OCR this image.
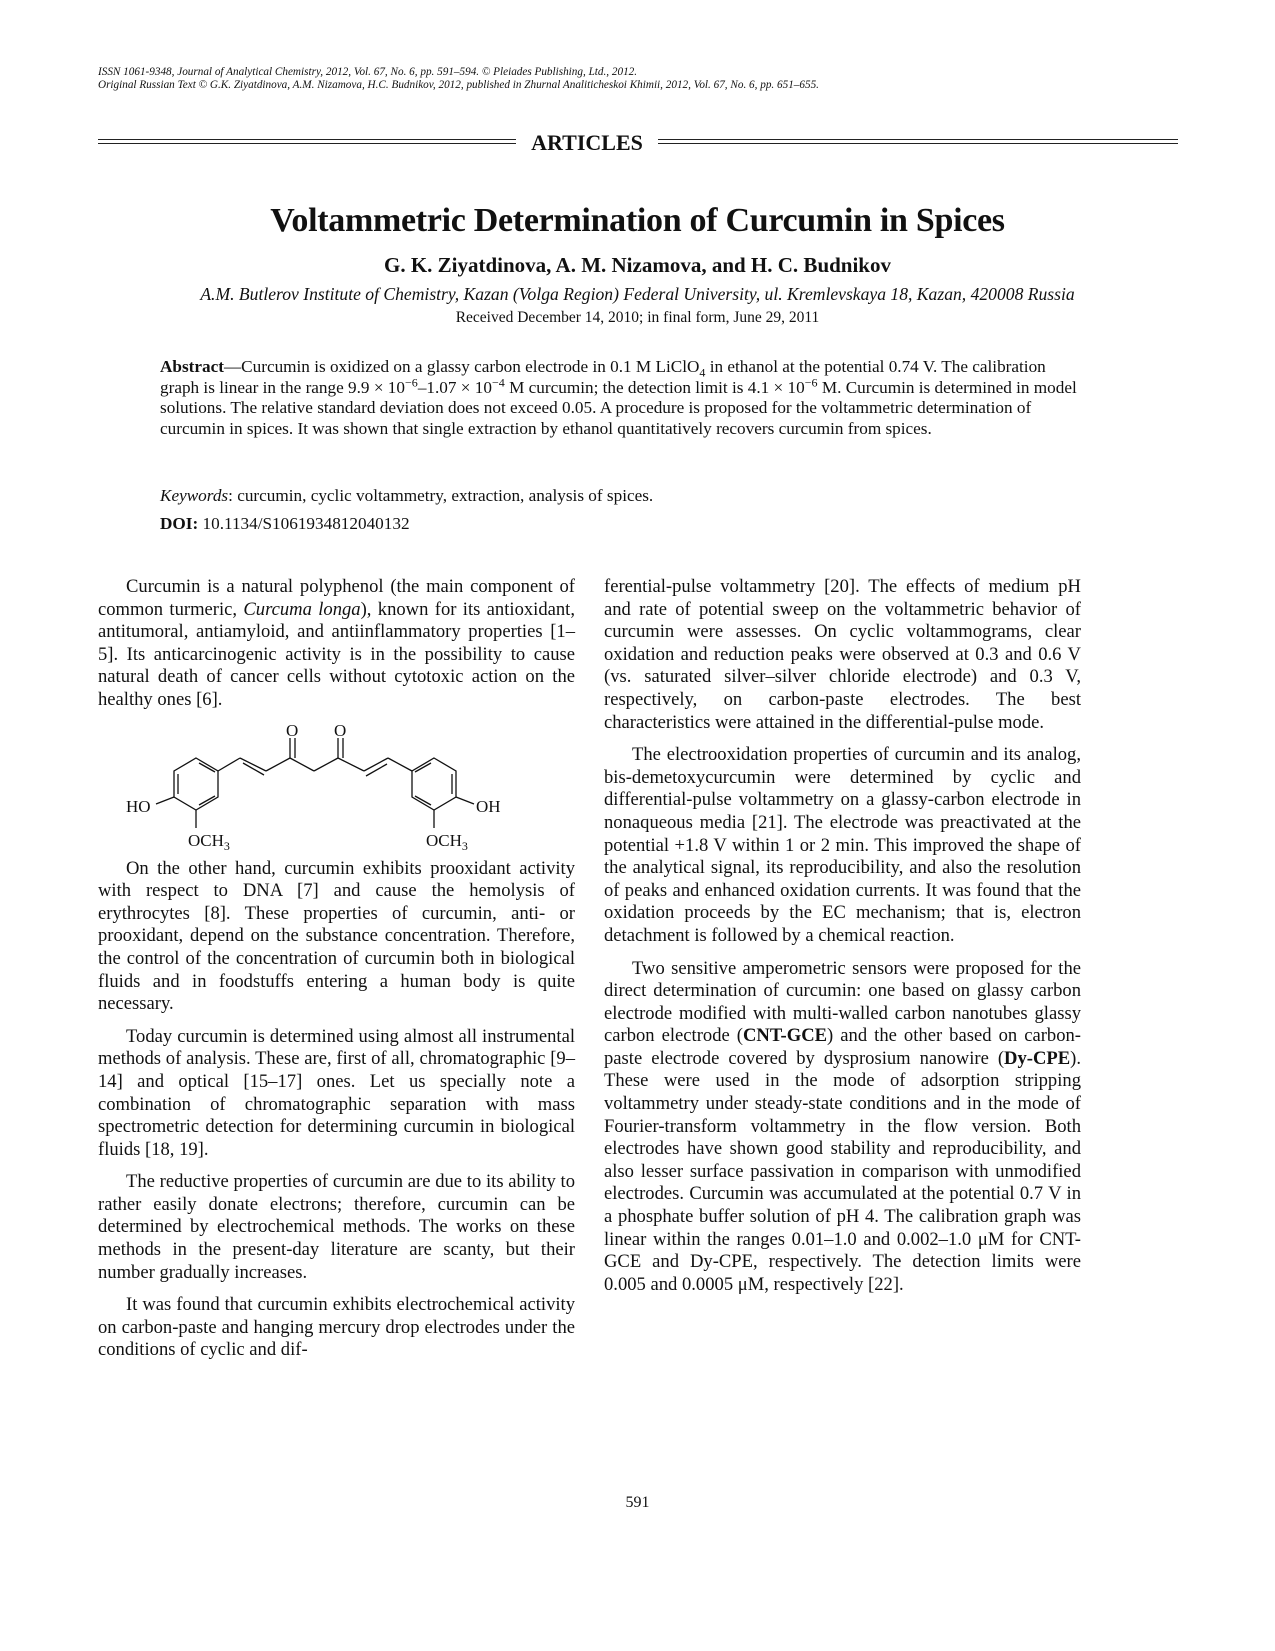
ISSN 1061-9348, Journal of Analytical Chemistry, 2012, Vol. 67, No. 6, pp. 591–594. © Pleiades Publishing, Ltd., 2012.
Original Russian Text © G.K. Ziyatdinova, A.M. Nizamova, H.C. Budnikov, 2012, published in Zhurnal Analiticheskoi Khimii, 2012, Vol. 67, No. 6, pp. 651–655.
ARTICLES
Voltammetric Determination of Curcumin in Spices
G. K. Ziyatdinova, A. M. Nizamova, and H. C. Budnikov
A.M. Butlerov Institute of Chemistry, Kazan (Volga Region) Federal University, ul. Kremlevskaya 18, Kazan, 420008 Russia
Received December 14, 2010; in final form, June 29, 2011
Abstract—Curcumin is oxidized on a glassy carbon electrode in 0.1 M LiClO$_4$ in ethanol at the potential 0.74 V. The calibration graph is linear in the range $9.9 \times 10^{-6}-1.07 \times 10^{-4}$ M curcumin; the detection limit is $4.1 \times 10^{-6}$ M. Curcumin is determined in model solutions. The relative standard deviation does not exceed 0.05. A procedure is proposed for the voltammetric determination of curcumin in spices. It was shown that single extraction by ethanol quantitatively recovers curcumin from spices.
Keywords: curcumin, cyclic voltammetry, extraction, analysis of spices.
DOI: 10.1134/S1061934812040132

Curcumin is a natural polyphenol (the main component of common turmeric, Curcuma longa), known for its antioxidant, antitumoral, antiamyloid, and antiinflammatory properties [1–5]. Its anticarcinogenic activity is in the possibility to cause natural death of cancer cells without cytotoxic action on the healthy ones [6].

O O
HO	OH
$OCH_3$	$OCH_3$

On the other hand, curcumin exhibits prooxidant activity with respect to DNA [7] and cause the hemolysis of erythrocytes [8]. These properties of curcumin, anti- or prooxidant, depend on the substance concentration. Therefore, the control of the concentration of curcumin both in biological fluids and in foodstuffs entering a human body is quite necessary.

Today curcumin is determined using almost all instrumental methods of analysis. These are, first of all, chromatographic [9–14] and optical [15–17] ones. Let us specially note a combination of chromatographic separation with mass spectrometric detection for determining curcumin in biological fluids [18, 19].

The reductive properties of curcumin are due to its ability to rather easily donate electrons; therefore, curcumin can be determined by electrochemical methods. The works on these methods in the present-day literature are scanty, but their number gradually increases.

It was found that curcumin exhibits electrochemical activity on carbon-paste and hanging mercury drop electrodes under the conditions of cyclic and dif-

ferential-pulse voltammetry [20]. The effects of medium pH and rate of potential sweep on the voltammetric behavior of curcumin were assesses. On cyclic voltammograms, clear oxidation and reduction peaks were observed at 0.3 and 0.6 V (vs. saturated silver–silver chloride electrode) and 0.3 V, respectively, on carbon-paste electrodes. The best characteristics were attained in the differential-pulse mode.

The electrooxidation properties of curcumin and its analog, bis-demetoxycurcumin were determined by cyclic and differential-pulse voltammetry on a glassy-carbon electrode in nonaqueous media [21]. The electrode was preactivated at the potential +1.8 V within 1 or 2 min. This improved the shape of the analytical signal, its reproducibility, and also the resolution of peaks and enhanced oxidation currents. It was found that the oxidation proceeds by the EC mechanism; that is, electron detachment is followed by a chemical reaction.

Two sensitive amperometric sensors were proposed for the direct determination of curcumin: one based on glassy carbon electrode modified with multi-walled carbon nanotubes glassy carbon electrode (CNT-GCE) and the other based on carbon-paste electrode covered by dysprosium nanowire (Dy-CPE). These were used in the mode of adsorption stripping voltammetry under steady-state conditions and in the mode of Fourier-transform voltammetry in the flow version. Both electrodes have shown good stability and reproducibility, and also lesser surface passivation in comparison with unmodified electrodes. Curcumin was accumulated at the potential 0.7 V in a phosphate buffer solution of pH 4. The calibration graph was linear within the ranges 0.01–1.0 and 0.002–1.0 μM for CNT-GCE and Dy-CPE, respectively. The detection limits were 0.005 and 0.0005 μM, respectively [22].

591
